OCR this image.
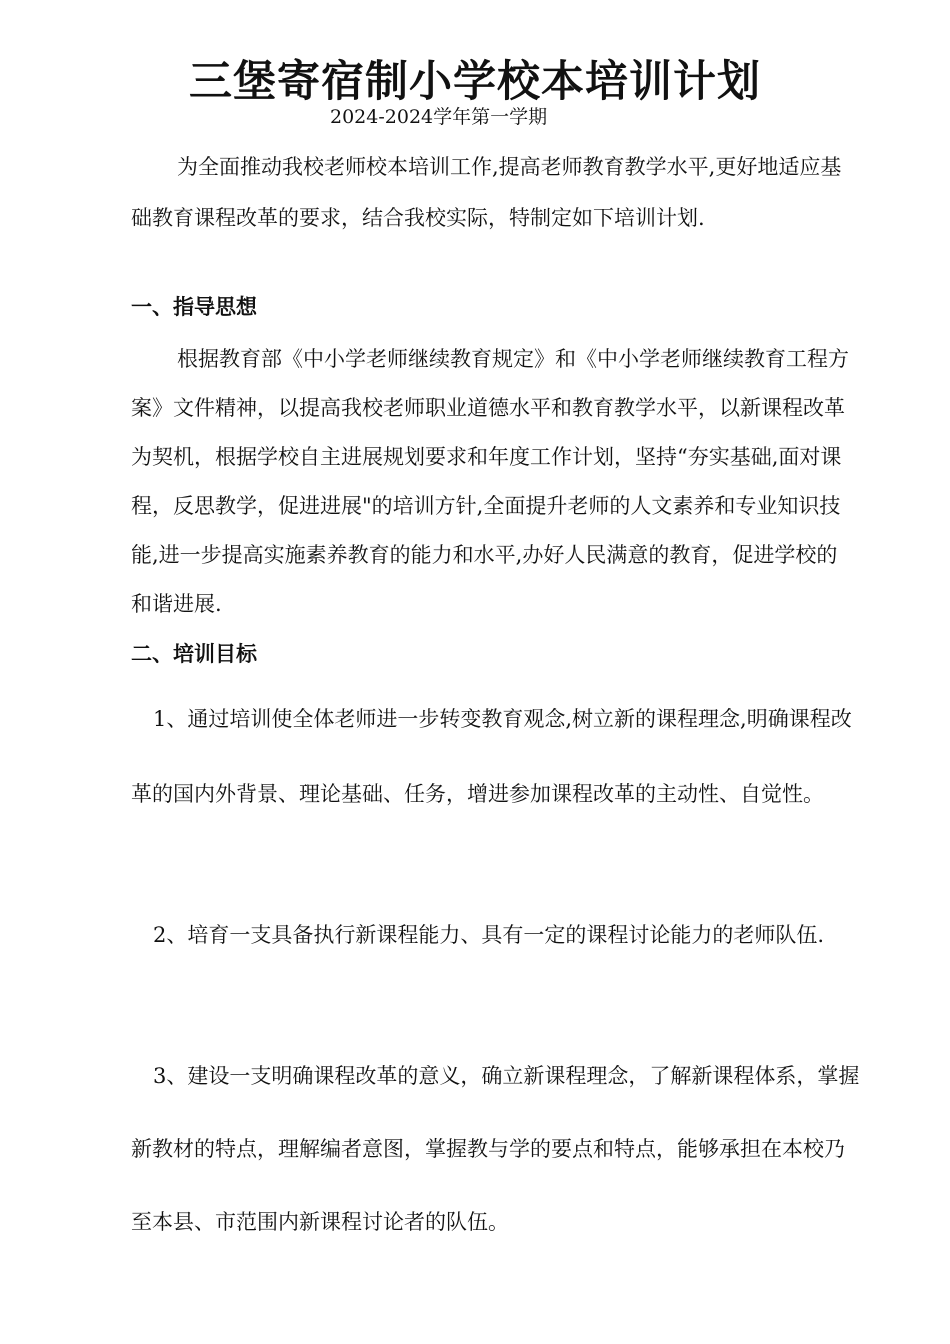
三堡寄宿制小学校本培训计划
2024-2024学年第一学期

为全面推动我校老师校本培训工作,提高老师教育教学水平,更好地适应基础教育课程改革的要求，结合我校实际，特制定如下培训计划.

一、指导思想

根据教育部《中小学老师继续教育规定》和《中小学老师继续教育工程方案》文件精神，以提高我校老师职业道德水平和教育教学水平，以新课程改革为契机，根据学校自主进展规划要求和年度工作计划，坚持“夯实基础,面对课程，反思教学，促进进展"的培训方针,全面提升老师的人文素养和专业知识技能,进一步提高实施素养教育的能力和水平,办好人民满意的教育，促进学校的和谐进展.

二、培训目标

1、通过培训使全体老师进一步转变教育观念,树立新的课程理念,明确课程改革的国内外背景、理论基础、任务，增进参加课程改革的主动性、自觉性。

2、培育一支具备执行新课程能力、具有一定的课程讨论能力的老师队伍.

3、建设一支明确课程改革的意义，确立新课程理念，了解新课程体系，掌握新教材的特点，理解编者意图，掌握教与学的要点和特点，能够承担在本校乃至本县、市范围内新课程讨论者的队伍。
